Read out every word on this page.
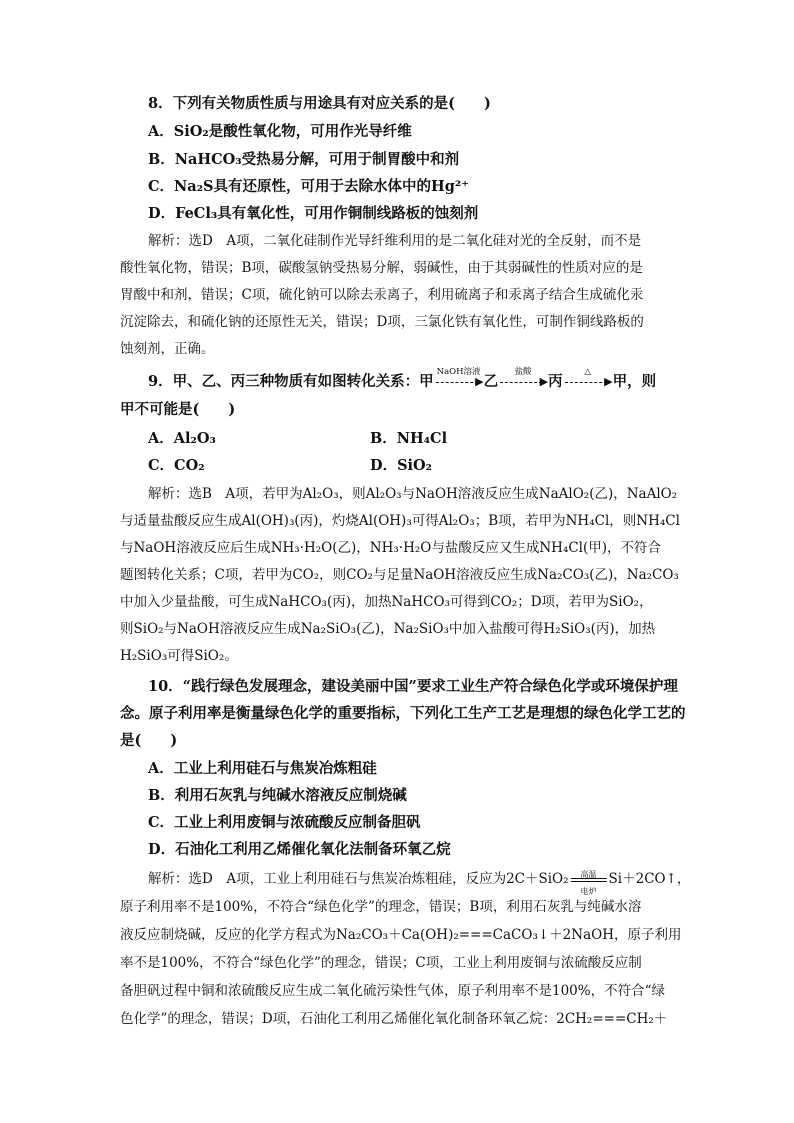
8．下列有关物质性质与用途具有对应关系的是(　　)
A．SiO₂是酸性氧化物，可用作光导纤维
B．NaHCO₃受热易分解，可用于制胃酸中和剂
C．Na₂S具有还原性，可用于去除水体中的Hg²⁺
D．FeCl₃具有氧化性，可用作铜制线路板的蚀刻剂
解析：选D　A项，二氧化硅制作光导纤维利用的是二氧化硅对光的全反射，而不是
酸性氧化物，错误；B项，碳酸氢钠受热易分解，弱碱性，由于其弱碱性的性质对应的是
胃酸中和剂，错误；C项，硫化钠可以除去汞离子，利用硫离子和汞离子结合生成硫化汞
沉淀除去，和硫化钠的还原性无关，错误；D项，三氯化铁有氧化性，可制作铜线路板的
蚀刻剂，正确。
9．甲、乙、丙三种物质有如图转化关系：甲
NaOH溶液
▶ 乙
盐酸
▶ 丙
△
▶ 甲，则
甲不可能是(　　)
A．Al₂O₃	B．NH₄Cl
C．CO₂	D．SiO₂
解析：选B　A项，若甲为Al₂O₃，则Al₂O₃与NaOH溶液反应生成NaAlO₂(乙)，NaAlO₂
与适量盐酸反应生成Al(OH)₃(丙)，灼烧Al(OH)₃可得Al₂O₃；B项，若甲为NH₄Cl，则NH₄Cl
与NaOH溶液反应后生成NH₃·H₂O(乙)，NH₃·H₂O与盐酸反应又生成NH₄Cl(甲)，不符合
题图转化关系；C项，若甲为CO₂，则CO₂与足量NaOH溶液反应生成Na₂CO₃(乙)，Na₂CO₃
中加入少量盐酸，可生成NaHCO₃(丙)，加热NaHCO₃可得到CO₂；D项，若甲为SiO₂，
则SiO₂与NaOH溶液反应生成Na₂SiO₃(乙)，Na₂SiO₃中加入盐酸可得H₂SiO₃(丙)，加热
H₂SiO₃可得SiO₂。
10．“践行绿色发展理念，建设美丽中国”要求工业生产符合绿色化学或环境保护理
念。原子利用率是衡量绿色化学的重要指标，下列化工生产工艺是理想的绿色化学工艺的
是(　　)
A．工业上利用硅石与焦炭冶炼粗硅
B．利用石灰乳与纯碱水溶液反应制烧碱
C．工业上利用废铜与浓硫酸反应制备胆矾
D．石油化工利用乙烯催化氧化法制备环氧乙烷
解析：选D　A项，工业上利用硅石与焦炭冶炼粗硅，反应为2C＋SiO₂	高温
电炉
Si＋2CO↑，
原子利用率不是100%，不符合“绿色化学”的理念，错误；B项，利用石灰乳与纯碱水溶
液反应制烧碱，反应的化学方程式为Na₂CO₃＋Ca(OH)₂===CaCO₃↓＋2NaOH，原子利用
率不是100%，不符合“绿色化学”的理念，错误；C项，工业上利用废铜与浓硫酸反应制
备胆矾过程中铜和浓硫酸反应生成二氧化硫污染性气体，原子利用率不是100%，不符合“绿
色化学”的理念，错误；D项，石油化工利用乙烯催化氧化制备环氧乙烷：2CH₂===CH₂＋
